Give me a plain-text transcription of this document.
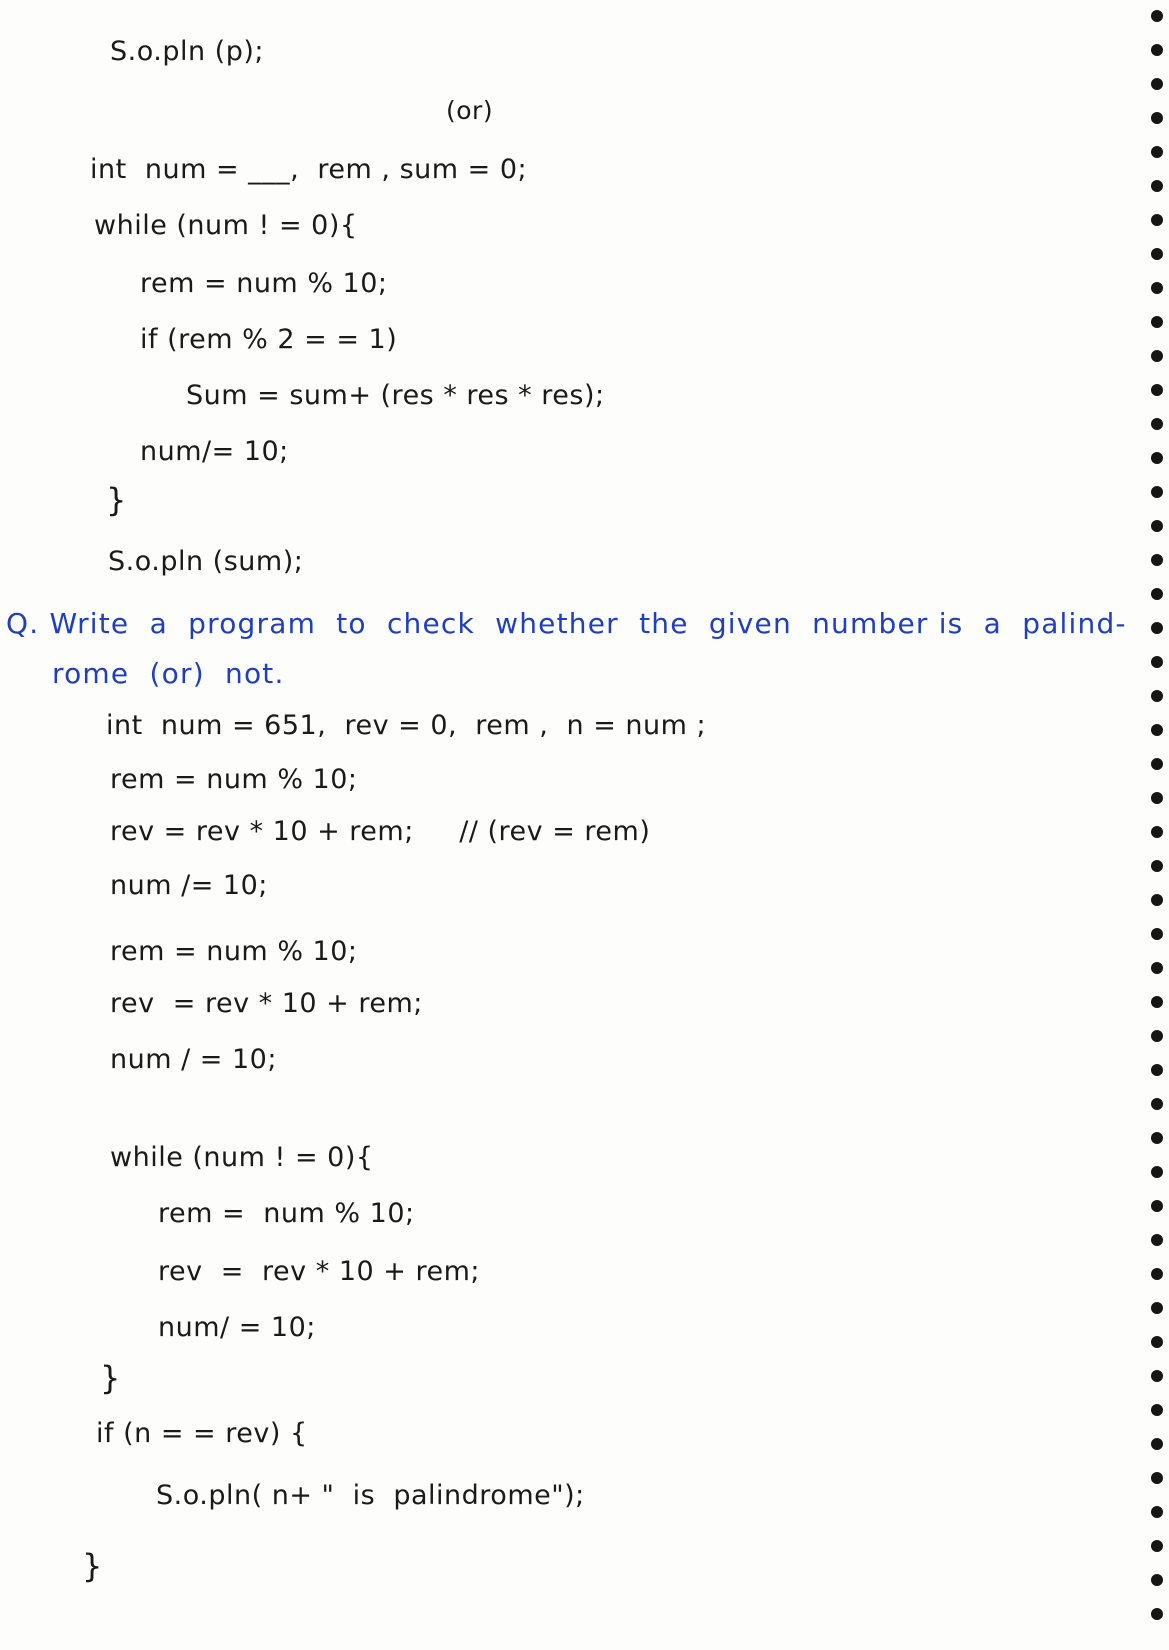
S.o.pln (p);
(or)
int  num = ___,  rem , sum = 0;
while (num ! = 0){
rem = num % 10;
if (rem % 2 = = 1)
Sum = sum+ (res * res * res);
num/= 10;
}
S.o.pln (sum);
Q. Write  a  program  to  check  whether  the  given  number is  a  palind-
rome  (or)  not.
int  num = 651,  rev = 0,  rem ,  n = num ;
rem = num % 10;
rev = rev * 10 + rem;     // (rev = rem)
num /= 10;
rem = num % 10;
rev  = rev * 10 + rem;
num / = 10;
while (num ! = 0){
rem =  num % 10;
rev  =  rev * 10 + rem;
num/ = 10;
}
if (n = = rev) {
S.o.pln( n+ "  is  palindrome");
}
